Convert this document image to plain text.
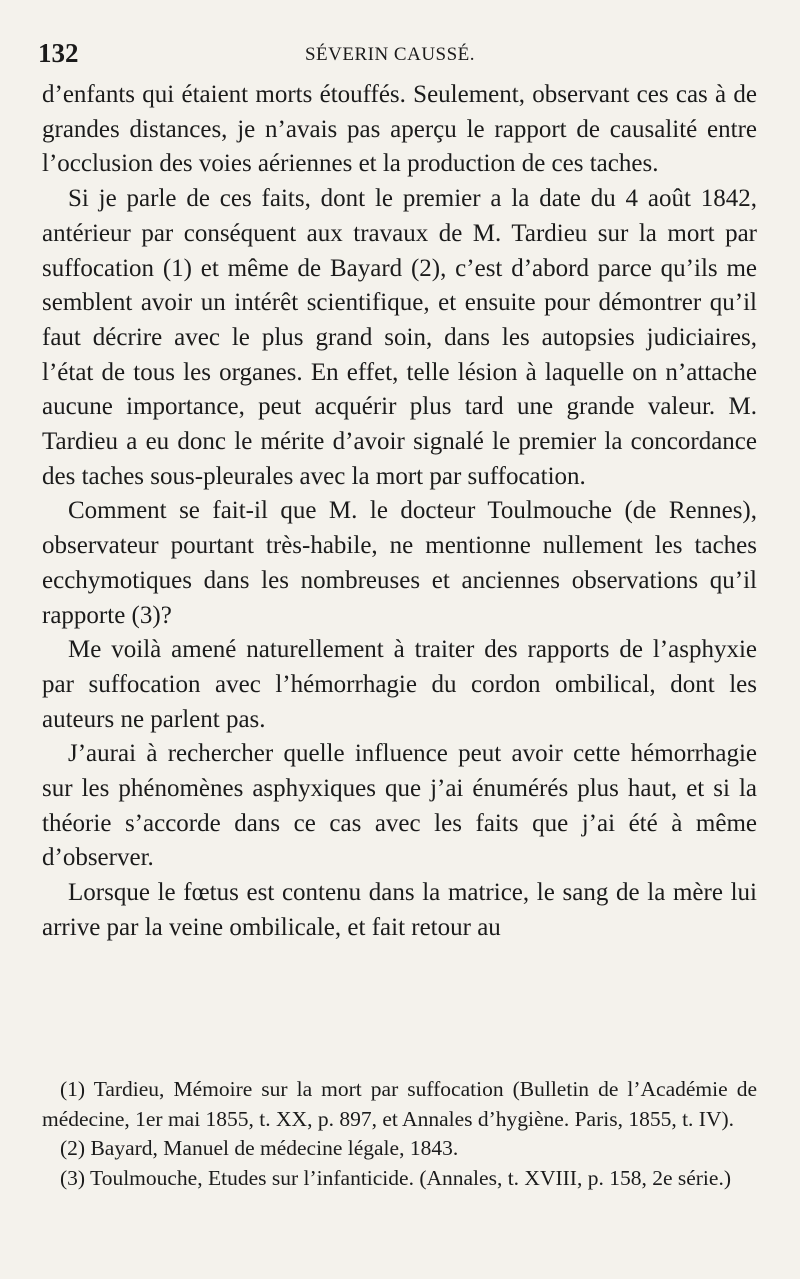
132	SÉVERIN CAUSSÉ.

d’enfants qui étaient morts étouffés. Seulement, observant ces cas à de grandes distances, je n’avais pas aperçu le rapport de causalité entre l’occlusion des voies aériennes et la production de ces taches.

Si je parle de ces faits, dont le premier a la date du 4 août 1842, antérieur par conséquent aux travaux de M. Tardieu sur la mort par suffocation (1) et même de Bayard (2), c’est d’abord parce qu’ils me semblent avoir un intérêt scientifique, et ensuite pour démontrer qu’il faut décrire avec le plus grand soin, dans les autopsies judiciaires, l’état de tous les organes. En effet, telle lésion à laquelle on n’attache aucune importance, peut acquérir plus tard une grande valeur. M. Tardieu a eu donc le mérite d’avoir signalé le premier la concordance des taches sous-pleurales avec la mort par suffocation.

Comment se fait-il que M. le docteur Toulmouche (de Rennes), observateur pourtant très-habile, ne mentionne nullement les taches ecchymotiques dans les nombreuses et anciennes observations qu’il rapporte (3)?

Me voilà amené naturellement à traiter des rapports de l’asphyxie par suffocation avec l’hémorrhagie du cordon ombilical, dont les auteurs ne parlent pas.

J’aurai à rechercher quelle influence peut avoir cette hémorrhagie sur les phénomènes asphyxiques que j’ai énumérés plus haut, et si la théorie s’accorde dans ce cas avec les faits que j’ai été à même d’observer.

Lorsque le fœtus est contenu dans la matrice, le sang de la mère lui arrive par la veine ombilicale, et fait retour au

(1) Tardieu, Mémoire sur la mort par suffocation (Bulletin de l’Académie de médecine, 1er mai 1855, t. XX, p. 897, et Annales d’hygiène. Paris, 1855, t. IV).

(2) Bayard, Manuel de médecine légale, 1843.

(3) Toulmouche, Etudes sur l’infanticide. (Annales, t. XVIII, p. 158, 2e série.)
